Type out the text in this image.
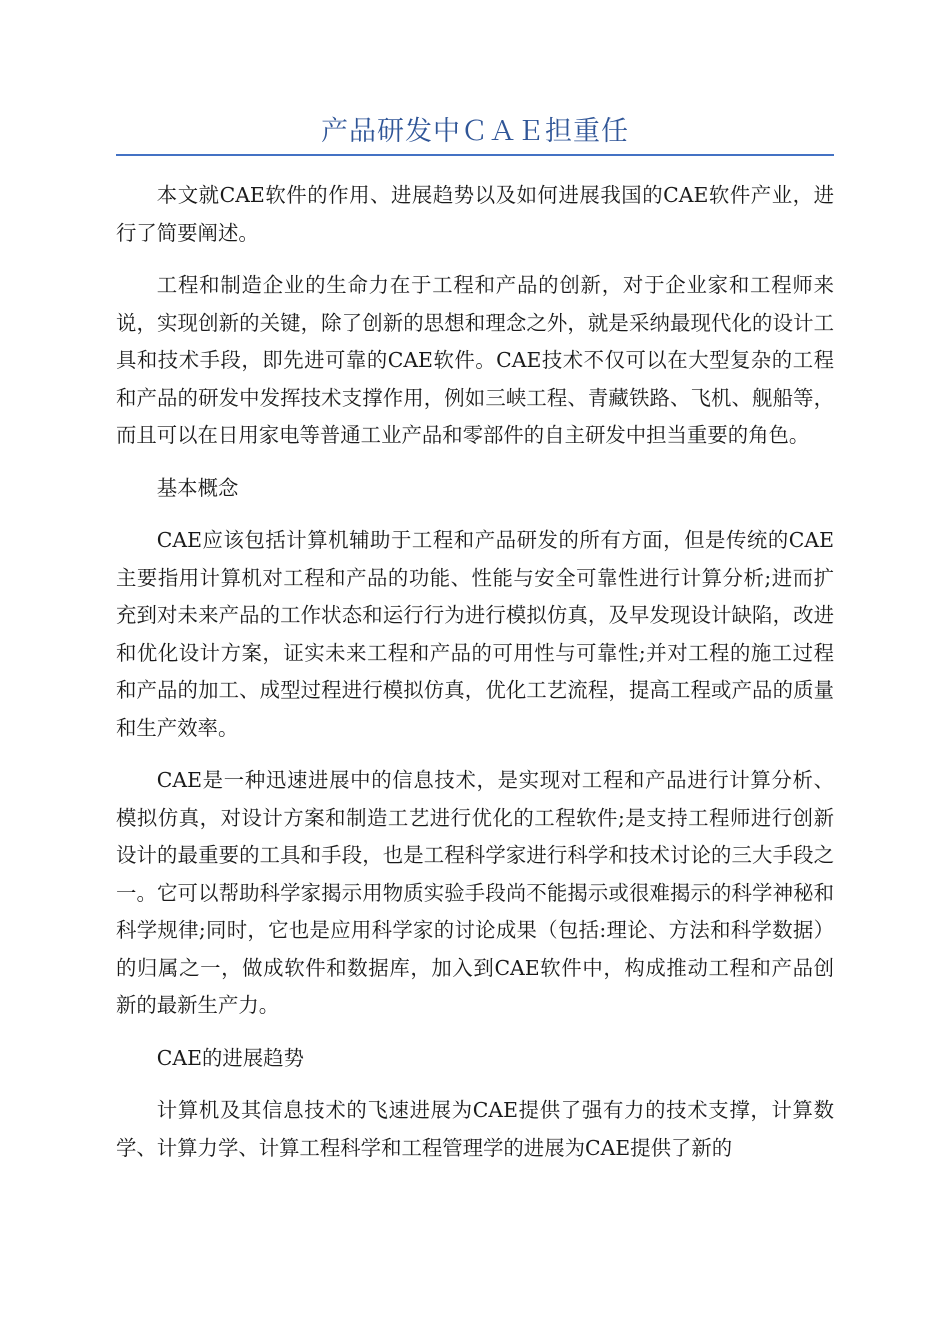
产品研发中ＣＡＥ担重任

本文就CAE软件的作用、进展趋势以及如何进展我国的CAE软件产业，进行了简要阐述。

工程和制造企业的生命力在于工程和产品的创新，对于企业家和工程师来说，实现创新的关键，除了创新的思想和理念之外，就是采纳最现代化的设计工具和技术手段，即先进可靠的CAE软件。CAE技术不仅可以在大型复杂的工程和产品的研发中发挥技术支撑作用，例如三峡工程、青藏铁路、飞机、舰船等，而且可以在日用家电等普通工业产品和零部件的自主研发中担当重要的角色。

基本概念

CAE应该包括计算机辅助于工程和产品研发的所有方面，但是传统的CAE主要指用计算机对工程和产品的功能、性能与安全可靠性进行计算分析;进而扩充到对未来产品的工作状态和运行行为进行模拟仿真，及早发现设计缺陷，改进和优化设计方案，证实未来工程和产品的可用性与可靠性;并对工程的施工过程和产品的加工、成型过程进行模拟仿真，优化工艺流程，提高工程或产品的质量和生产效率。

CAE是一种迅速进展中的信息技术，是实现对工程和产品进行计算分析、模拟仿真，对设计方案和制造工艺进行优化的工程软件;是支持工程师进行创新设计的最重要的工具和手段，也是工程科学家进行科学和技术讨论的三大手段之一。它可以帮助科学家揭示用物质实验手段尚不能揭示或很难揭示的科学神秘和科学规律;同时，它也是应用科学家的讨论成果（包括:理论、方法和科学数据）的归属之一，做成软件和数据库，加入到CAE软件中，构成推动工程和产品创新的最新生产力。

CAE的进展趋势

计算机及其信息技术的飞速进展为CAE提供了强有力的技术支撑，计算数学、计算力学、计算工程科学和工程管理学的进展为CAE提供了新的
